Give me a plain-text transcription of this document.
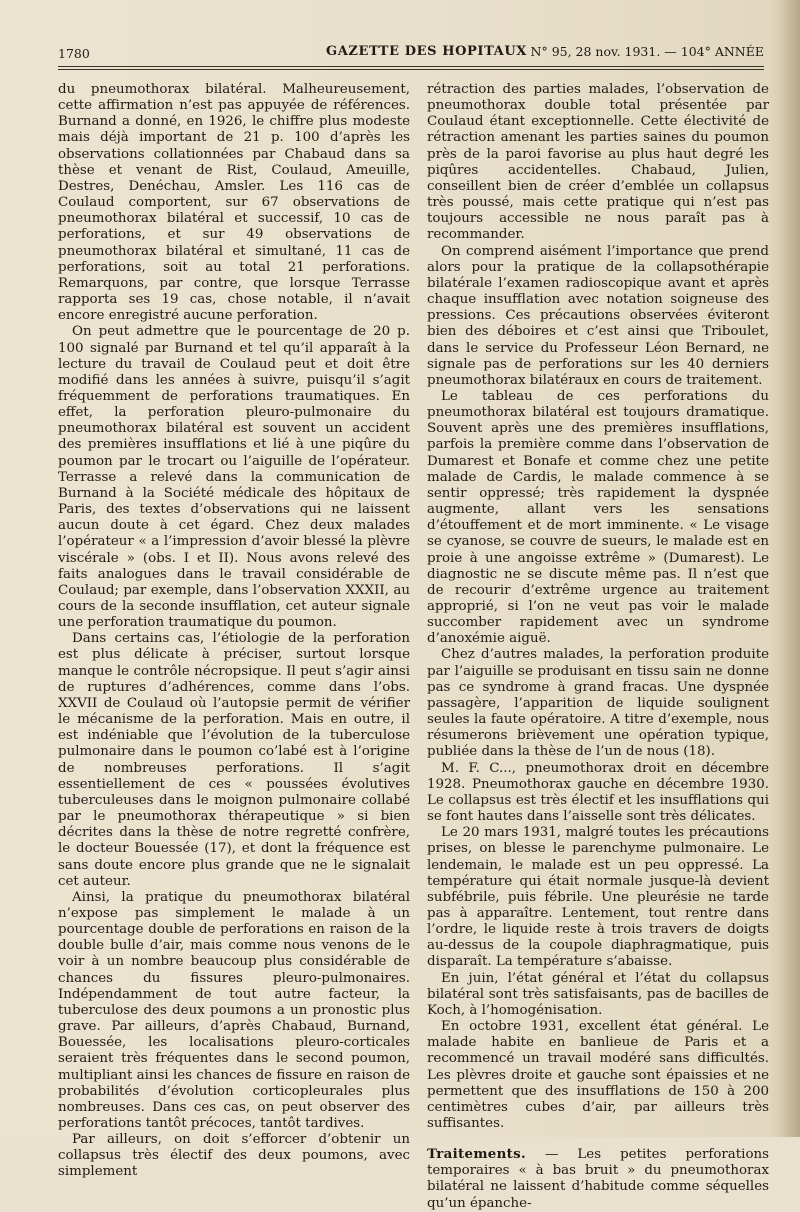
1780	GAZETTE DES HOPITAUX N° 95, 28 nov. 1931. — 104° ANNÉE

du pneumothorax bilatéral. Malheureusement, cette affirmation n’est pas appuyée de références. Burnand a donné, en 1926, le chiffre plus modeste mais déjà important de 21 p. 100 d’après les observations collationnées par Chabaud dans sa thèse et venant de Rist, Coulaud, Ameuille, Destres, Denéchau, Amsler. Les 116 cas de Coulaud comportent, sur 67 observations de pneumothorax bilatéral et successif, 10 cas de perforations, et sur 49 observations de pneumothorax bilatéral et simultané, 11 cas de perforations, soit au total 21 perforations. Remarquons, par contre, que lorsque Terrasse rapporta ses 19 cas, chose notable, il n’avait encore enregistré aucune perforation.

On peut admettre que le pourcentage de 20 p. 100 signalé par Burnand et tel qu’il apparaît à la lecture du travail de Coulaud peut et doit être modifié dans les années à suivre, puisqu’il s’agit fréquemment de perforations traumatiques. En effet, la perforation pleuro-pulmonaire du pneumothorax bilatéral est souvent un accident des premières insufflations et lié à une piqûre du poumon par le trocart ou l’aiguille de l’opérateur. Terrasse a relevé dans la communication de Burnand à la Société médicale des hôpitaux de Paris, des textes d’observations qui ne laissent aucun doute à cet égard. Chez deux malades l’opérateur « a l’impression d’avoir blessé la plèvre viscérale » (obs. I et II). Nous avons relevé des faits analogues dans le travail considérable de Coulaud; par exemple, dans l’observation XXXII, au cours de la seconde insufflation, cet auteur signale une perforation traumatique du poumon.

Dans certains cas, l’étiologie de la perforation est plus délicate à préciser, surtout lorsque manque le contrôle nécropsique. Il peut s’agir ainsi de ruptures d’adhérences, comme dans l’obs. XXVII de Coulaud où l’autopsie permit de vérifier le mécanisme de la perforation. Mais en outre, il est indéniable que l’évolution de la tuberculose pulmonaire dans le poumon co’labé est à l’origine de nombreuses perforations. Il s’agit essentiellement de ces « poussées évolutives tuberculeuses dans le moignon pulmonaire collabé par le pneumothorax thérapeutique » si bien décrites dans la thèse de notre regretté confrère, le docteur Bouessée (17), et dont la fréquence est sans doute encore plus grande que ne le signalait cet auteur.

Ainsi, la pratique du pneumothorax bilatéral n’expose pas simplement le malade à un pourcentage double de perforations en raison de la double bulle d’air, mais comme nous venons de le voir à un nombre beaucoup plus considérable de chances du fissures pleuro-pulmonaires. Indépendamment de tout autre facteur, la tuberculose des deux poumons a un pronostic plus grave. Par ailleurs, d’après Chabaud, Burnand, Bouessée, les localisations pleuro-corticales seraient très fréquentes dans le second poumon, multipliant ainsi les chances de fissure en raison de probabilités d’évolution corticopleurales plus nombreuses. Dans ces cas, on peut observer des perforations tantôt précoces, tantôt tardives.

Par ailleurs, on doit s’efforcer d’obtenir un collapsus très électif des deux poumons, avec simplement

rétraction des parties malades, l’observation de pneumothorax double total présentée par Coulaud étant exceptionnelle. Cette électivité de rétraction amenant les parties saines du poumon près de la paroi favorise au plus haut degré les piqûres accidentelles. Chabaud, Julien, conseillent bien de créer d’emblée un collapsus très poussé, mais cette pratique qui n’est pas toujours accessible ne nous paraît pas à recommander.

On comprend aisément l’importance que prend alors pour la pratique de la collapsothérapie bilatérale l’examen radioscopique avant et après chaque insufflation avec notation soigneuse des pressions. Ces précautions observées éviteront bien des déboires et c’est ainsi que Triboulet, dans le service du Professeur Léon Bernard, ne signale pas de perforations sur les 40 derniers pneumothorax bilatéraux en cours de traitement.

Le tableau de ces perforations du pneumothorax bilatéral est toujours dramatique. Souvent après une des premières insufflations, parfois la première comme dans l’observation de Dumarest et Bonafe et comme chez une petite malade de Cardis, le malade commence à se sentir oppressé; très rapidement la dyspnée augmente, allant vers les sensations d’étouffement et de mort imminente. « Le visage se cyanose, se couvre de sueurs, le malade est en proie à une angoisse extrême » (Dumarest). Le diagnostic ne se discute même pas. Il n’est que de recourir d’extrême urgence au traitement approprié, si l’on ne veut pas voir le malade succomber rapidement avec un syndrome d’anoxémie aiguë.

Chez d’autres malades, la perforation produite par l’aiguille se produisant en tissu sain ne donne pas ce syndrome à grand fracas. Une dyspnée passagère, l’apparition de liquide soulignent seules la faute opératoire. A titre d’exemple, nous résumerons brièvement une opération typique, publiée dans la thèse de l’un de nous (18).

M. F. C..., pneumothorax droit en décembre 1928. Pneumothorax gauche en décembre 1930. Le collapsus est très électif et les insufflations qui se font hautes dans l’aisselle sont très délicates.

Le 20 mars 1931, malgré toutes les précautions prises, on blesse le parenchyme pulmonaire. Le lendemain, le malade est un peu oppressé. La température qui était normale jusque-là devient subfébrile, puis fébrile. Une pleurésie ne tarde pas à apparaître. Lentement, tout rentre dans l’ordre, le liquide reste à trois travers de doigts au-dessus de la coupole diaphragmatique, puis disparaît. La température s’abaisse.

En juin, l’état général et l’état du collapsus bilatéral sont très satisfaisants, pas de bacilles de Koch, à l’homogénisation.

En octobre 1931, excellent état général. Le malade habite en banlieue de Paris et a recommencé un travail modéré sans difficultés. Les plèvres droite et gauche sont épaissies et ne permettent que des insufflations de 150 à 200 centimètres cubes d’air, par ailleurs très suffisantes.

Traitements. — Les petites perforations temporaires « à bas bruit » du pneumothorax bilatéral ne laissent d’habitude comme séquelles qu’un épanche-
